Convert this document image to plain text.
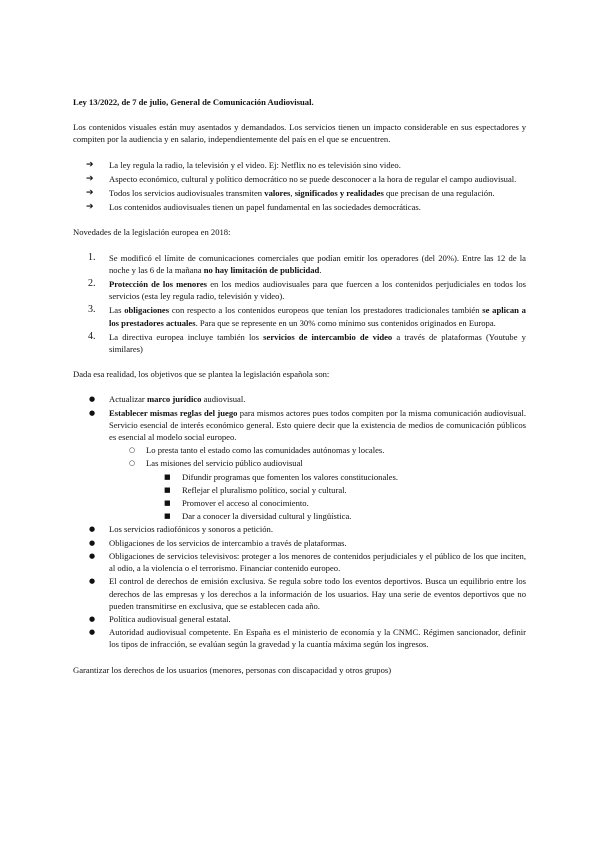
Ley 13/2022, de 7 de julio, General de Comunicación Audiovisual.

Los contenidos visuales están muy asentados y demandados. Los servicios tienen un impacto considerable en sus espectadores y compiten por la audiencia y en salario, independientemente del país en el que se encuentren.

➔ La ley regula la radio, la televisión y el video. Ej: Netflix no es televisión sino video.
➔ Aspecto económico, cultural y político democrático no se puede desconocer a la hora de regular el campo audiovisual.
➔ Todos los servicios audiovisuales transmiten valores, significados y realidades que precisan de una regulación.
➔ Los contenidos audiovisuales tienen un papel fundamental en las sociedades democráticas.

Novedades de la legislación europea en 2018:

1. Se modificó el límite de comunicaciones comerciales que podían emitir los operadores (del 20%). Entre las 12 de la noche y las 6 de la mañana no hay limitación de publicidad.
2. Protección de los menores en los medios audiovisuales para que fuercen a los contenidos perjudiciales en todos los servicios (esta ley regula radio, televisión y video).
3. Las obligaciones con respecto a los contenidos europeos que tenían los prestadores tradicionales también se aplican a los prestadores actuales. Para que se represente en un 30% como mínimo sus contenidos originados en Europa.
4. La directiva europea incluye también los servicios de intercambio de video a través de plataformas (Youtube y similares)

Dada esa realidad, los objetivos que se plantea la legislación española son:

● Actualizar marco jurídico audiovisual.
● Establecer mismas reglas del juego para mismos actores pues todos compiten por la misma comunicación audiovisual. Servicio esencial de interés económico general. Esto quiere decir que la existencia de medios de comunicación públicos es esencial al modelo social europeo.
○ Lo presta tanto el estado como las comunidades autónomas y locales.
○ Las misiones del servicio público audiovisual
■ Difundir programas que fomenten los valores constitucionales.
■ Reflejar el pluralismo político, social y cultural.
■ Promover el acceso al conocimiento.
■ Dar a conocer la diversidad cultural y lingüística.
● Los servicios radiofónicos y sonoros a petición.
● Obligaciones de los servicios de intercambio a través de plataformas.
● Obligaciones de servicios televisivos: proteger a los menores de contenidos perjudiciales y el público de los que inciten, al odio, a la violencia o el terrorismo. Financiar contenido europeo.
● El control de derechos de emisión exclusiva. Se regula sobre todo los eventos deportivos. Busca un equilibrio entre los derechos de las empresas y los derechos a la información de los usuarios. Hay una serie de eventos deportivos que no pueden transmitirse en exclusiva, que se establecen cada año.
● Política audiovisual general estatal.
● Autoridad audiovisual competente. En España es el ministerio de economía y la CNMC. Régimen sancionador, definir los tipos de infracción, se evalúan según la gravedad y la cuantía máxima según los ingresos.

Garantizar los derechos de los usuarios (menores, personas con discapacidad y otros grupos)
